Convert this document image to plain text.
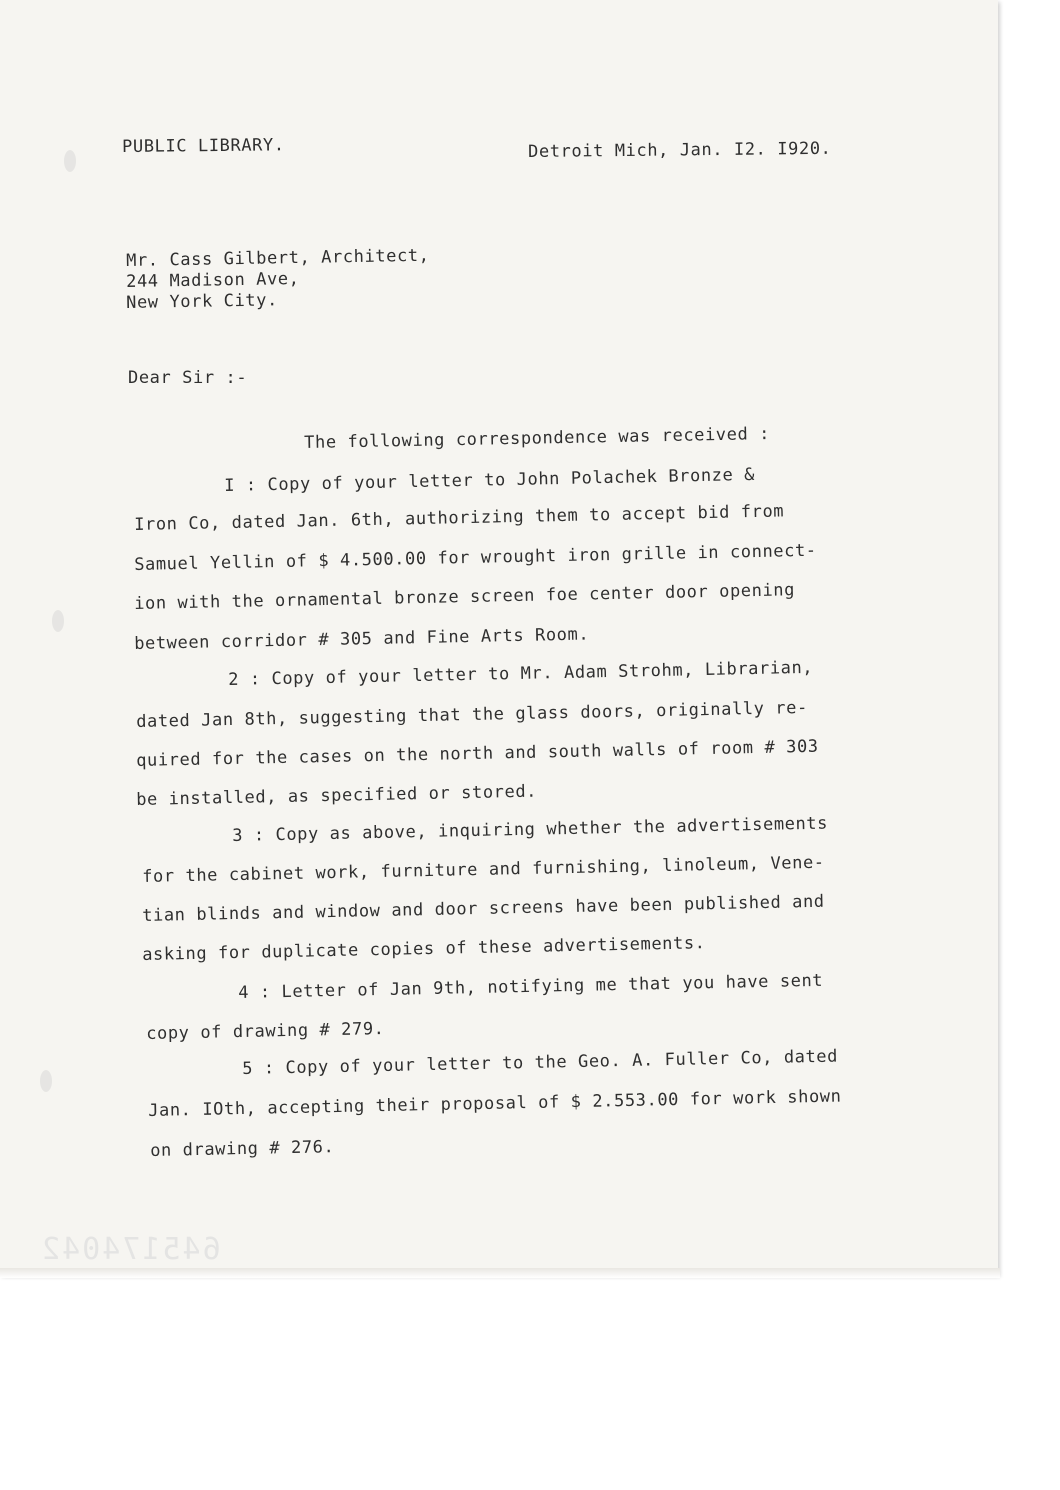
PUBLIC LIBRARY.	Detroit Mich, Jan. I2. I920.
Mr. Cass Gilbert, Architect,
244 Madison Ave,
New York City.
Dear Sir :-
The following correspondence was received :
I : Copy of your letter to John Polachek Bronze &
Iron Co, dated Jan. 6th, authorizing them to accept bid from
Samuel Yellin of $ 4.500.00 for wrought iron grille in connect-
ion with the ornamental bronze screen foe center door opening
between corridor # 305 and Fine Arts Room.
2 : Copy of your letter to Mr. Adam Strohm, Librarian,
dated Jan 8th, suggesting that the glass doors, originally re-
quired for the cases on the north and south walls of room # 303
be installed, as specified or stored.
3 : Copy as above, inquiring whether the advertisements
for the cabinet work, furniture and furnishing, linoleum, Vene-
tian blinds and window and door screens have been published and
asking for duplicate copies of these advertisements.
4 : Letter of Jan 9th, notifying me that you have sent
copy of drawing # 279.
5 : Copy of your letter to the Geo. A. Fuller Co, dated
Jan. IOth, accepting their proposal of $ 2.553.00 for work shown
on drawing # 276.
645174042
